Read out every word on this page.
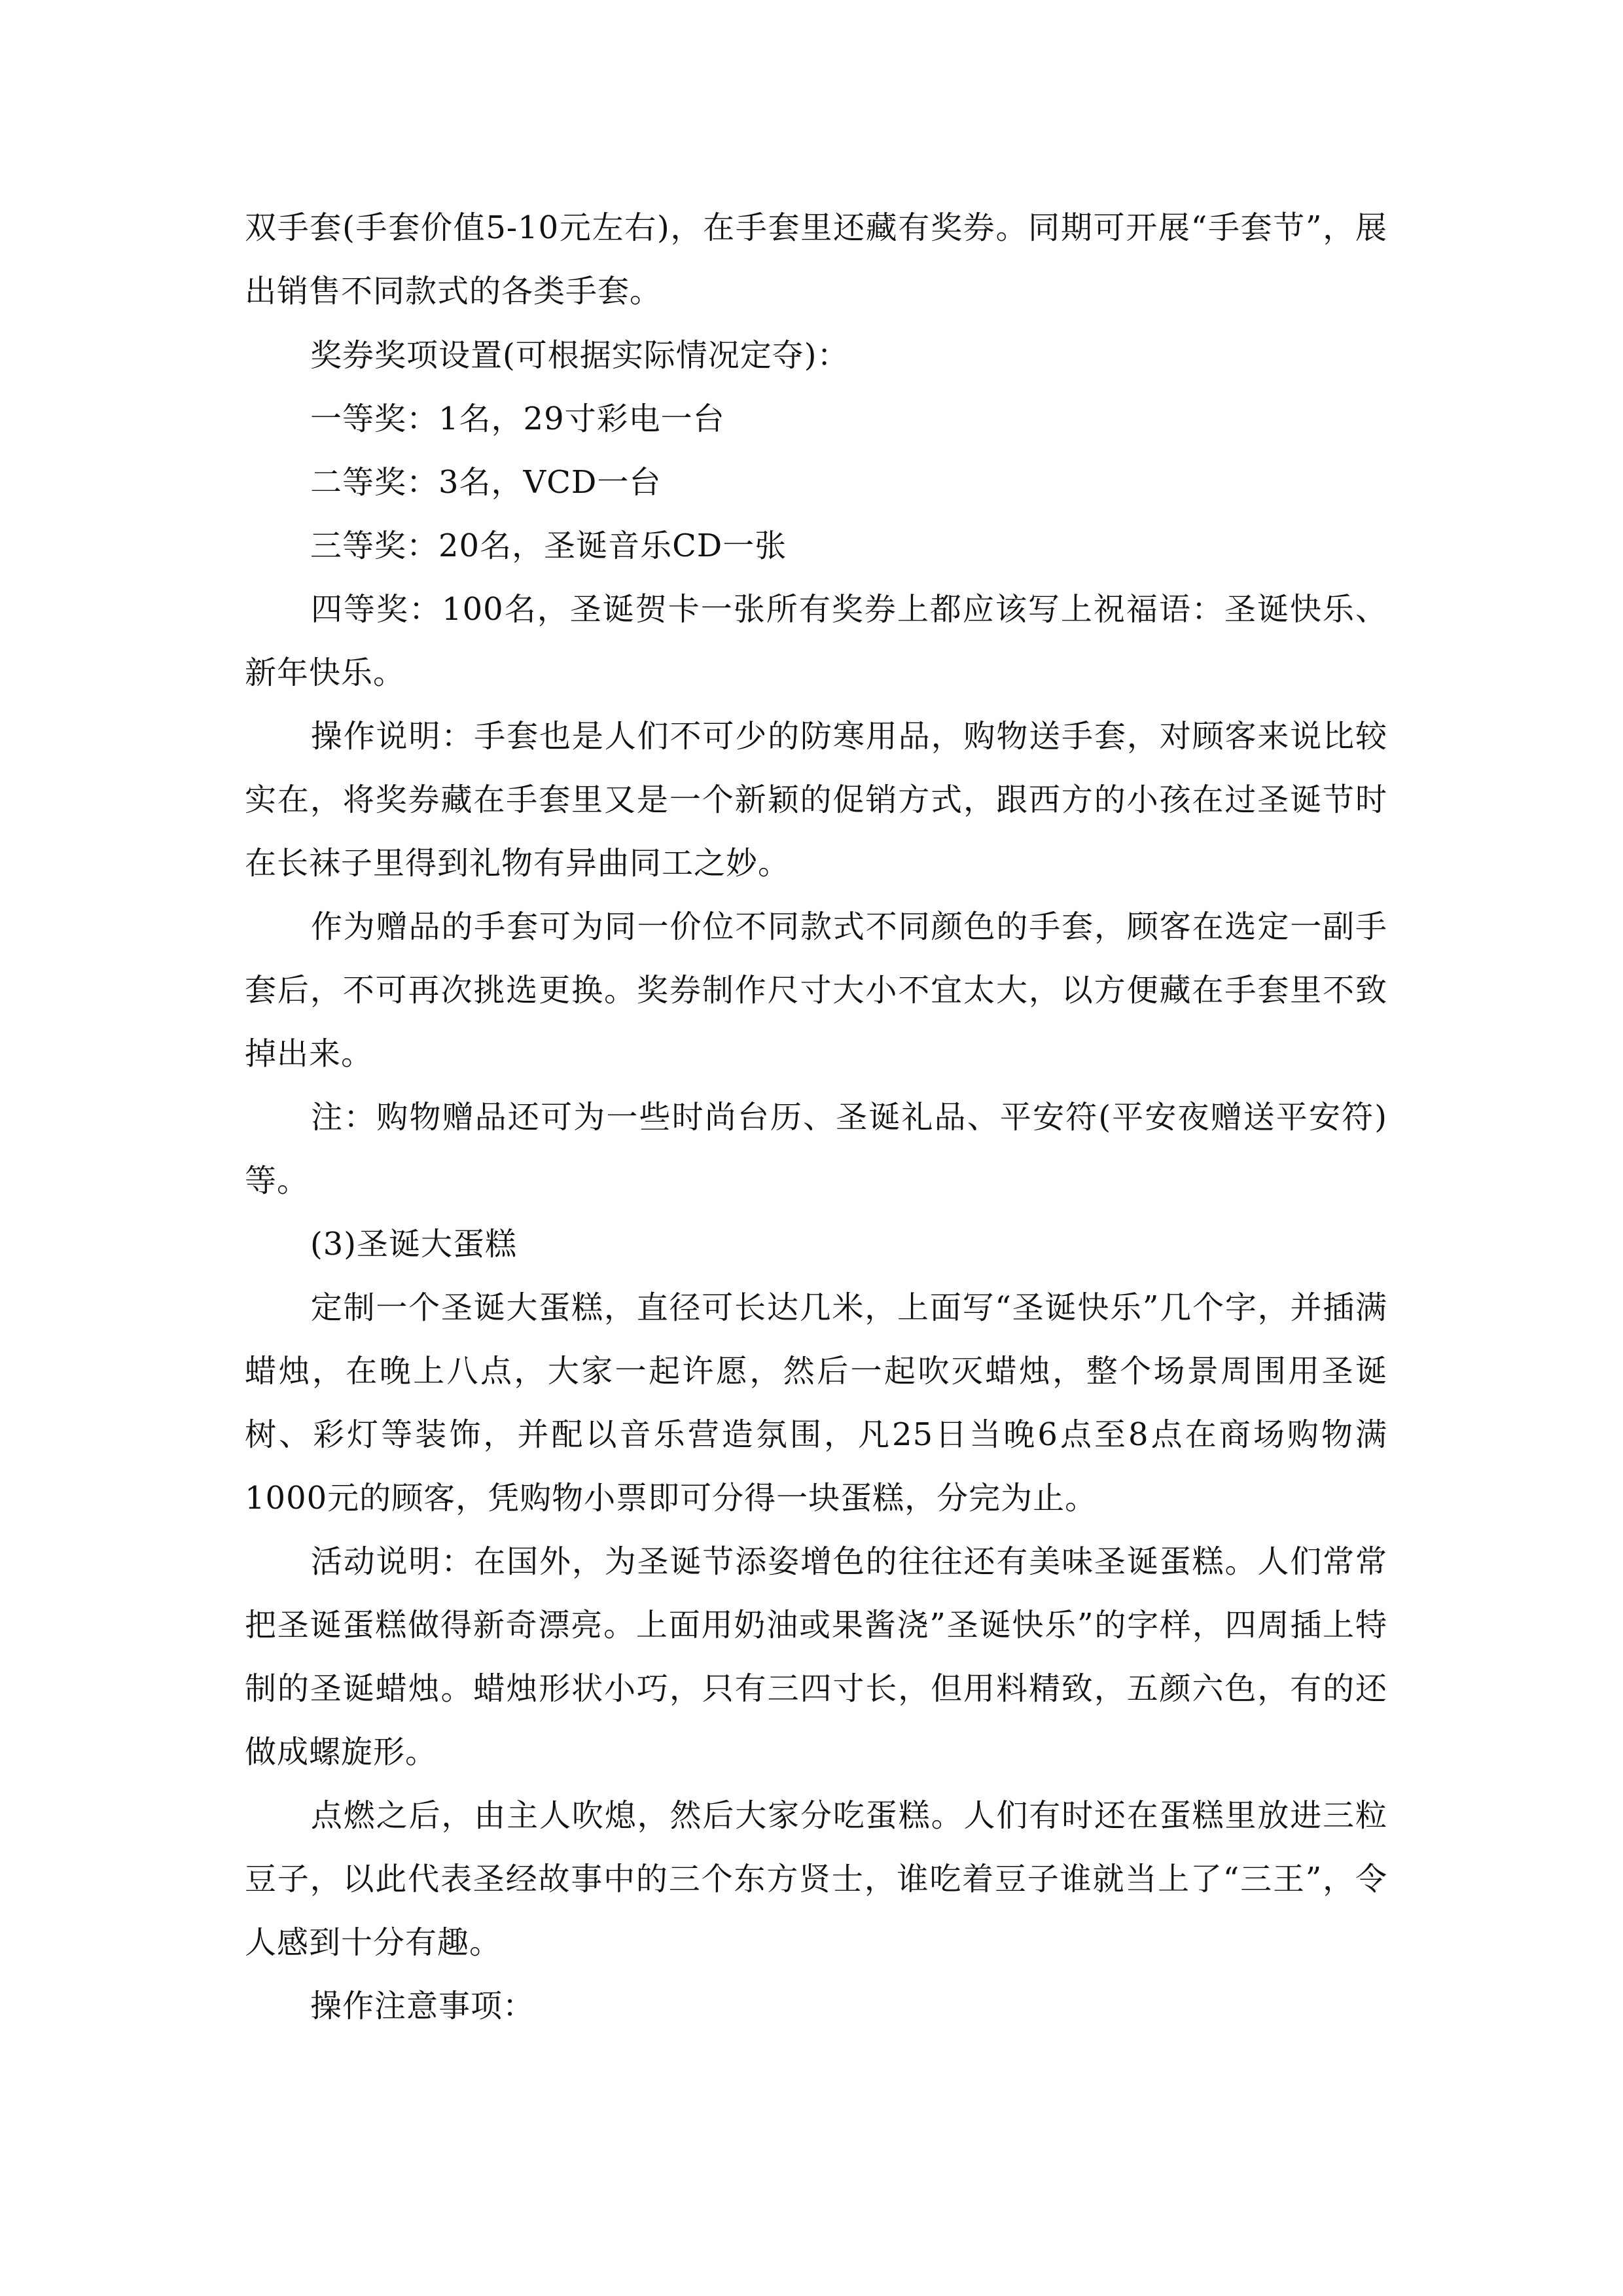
双手套(手套价值5-10元左右)，在手套里还藏有奖券。同期可开展“手套节”，展出销售不同款式的各类手套。

奖券奖项设置(可根据实际情况定夺)：

一等奖：1名，29寸彩电一台

二等奖：3名，VCD一台

三等奖：20名，圣诞音乐CD一张

四等奖：100名，圣诞贺卡一张所有奖券上都应该写上祝福语：圣诞快乐、新年快乐。

操作说明：手套也是人们不可少的防寒用品，购物送手套，对顾客来说比较实在，将奖券藏在手套里又是一个新颖的促销方式，跟西方的小孩在过圣诞节时在长袜子里得到礼物有异曲同工之妙。

作为赠品的手套可为同一价位不同款式不同颜色的手套，顾客在选定一副手套后，不可再次挑选更换。奖券制作尺寸大小不宜太大，以方便藏在手套里不致掉出来。

注：购物赠品还可为一些时尚台历、圣诞礼品、平安符(平安夜赠送平安符)等。

(3)圣诞大蛋糕

定制一个圣诞大蛋糕，直径可长达几米，上面写“圣诞快乐”几个字，并插满蜡烛，在晚上八点，大家一起许愿，然后一起吹灭蜡烛，整个场景周围用圣诞树、彩灯等装饰，并配以音乐营造氛围，凡25日当晚6点至8点在商场购物满1000元的顾客，凭购物小票即可分得一块蛋糕，分完为止。

活动说明：在国外，为圣诞节添姿增色的往往还有美味圣诞蛋糕。人们常常把圣诞蛋糕做得新奇漂亮。上面用奶油或果酱浇”圣诞快乐”的字样，四周插上特制的圣诞蜡烛。蜡烛形状小巧，只有三四寸长，但用料精致，五颜六色，有的还做成螺旋形。

点燃之后，由主人吹熄，然后大家分吃蛋糕。人们有时还在蛋糕里放进三粒豆子，以此代表圣经故事中的三个东方贤士，谁吃着豆子谁就当上了“三王”，令人感到十分有趣。

操作注意事项：
